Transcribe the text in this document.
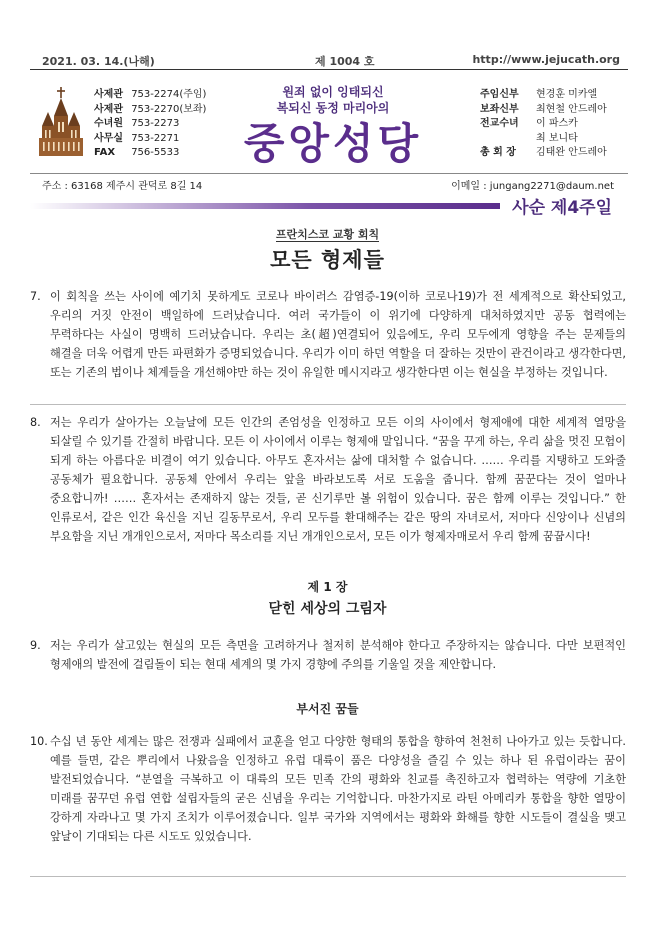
2021. 03. 14.(나해)	제 1004 호	http://www.jejucath.org
사제관 753-2274(주임)
사제관 753-2270(보좌)
수녀원 753-2273
사무실 753-2271
FAX 756-5533
원죄 없이 잉태되신
복되신 동정 마리아의
중앙성당
주임신부 현경훈 미카엘
보좌신부 최현철 안드레아
전교수녀 이 파스카
최 보니타
총 회 장 김태완 안드레아
주소 : 63168 제주시 관덕로 8길 14	이메일 : jungang2271@daum.net
사순 제4주일
프란치스코 교황 회칙
모든 형제들
7. 이 회칙을 쓰는 사이에 예기치 못하게도 코로나 바이러스 감염증-19(이하 코로나19)가 전 세계적으로 확산되었고, 우리의 거짓 안전이 백일하에 드러났습니다. 여러 국가들이 이 위기에 다양하게 대처하였지만 공동 협력에는 무력하다는 사실이 명백히 드러났습니다. 우리는 초(超)연결되어 있음에도, 우리 모두에게 영향을 주는 문제들의 해결을 더욱 어렵게 만든 파편화가 증명되었습니다. 우리가 이미 하던 역할을 더 잘하는 것만이 관건이라고 생각한다면, 또는 기존의 법이나 체계들을 개선해야만 하는 것이 유일한 메시지라고 생각한다면 이는 현실을 부정하는 것입니다.
8. 저는 우리가 살아가는 오늘날에 모든 인간의 존엄성을 인정하고 모든 이의 사이에서 형제애에 대한 세계적 열망을 되살릴 수 있기를 간절히 바랍니다. 모든 이 사이에서 이루는 형제애 말입니다. “꿈을 꾸게 하는, 우리 삶을 멋진 모험이 되게 하는 아름다운 비결이 여기 있습니다. 아무도 혼자서는 삶에 대처할 수 없습니다. …… 우리를 지탱하고 도와줄 공동체가 필요합니다. 공동체 안에서 우리는 앞을 바라보도록 서로 도움을 줍니다. 함께 꿈꾼다는 것이 얼마나 중요합니까! …… 혼자서는 존재하지 않는 것들, 곧 신기루만 볼 위험이 있습니다. 꿈은 함께 이루는 것입니다.” 한 인류로서, 같은 인간 육신을 지닌 길동무로서, 우리 모두를 환대해주는 같은 땅의 자녀로서, 저마다 신앙이나 신념의 부요함을 지닌 개개인으로서, 저마다 목소리를 지닌 개개인으로서, 모든 이가 형제자매로서 우리 함께 꿈꿉시다!
제 1 장
닫힌 세상의 그림자
9. 저는 우리가 살고있는 현실의 모든 측면을 고려하거나 철저히 분석해야 한다고 주장하지는 않습니다. 다만 보편적인 형제애의 발전에 걸림돌이 되는 현대 세계의 몇 가지 경향에 주의를 기울일 것을 제안합니다.
부서진 꿈들
10. 수십 년 동안 세계는 많은 전쟁과 실패에서 교훈을 얻고 다양한 형태의 통합을 향하여 천천히 나아가고 있는 듯합니다. 예를 들면, 같은 뿌리에서 나왔음을 인정하고 유럽 대륙이 품은 다양성을 즐길 수 있는 하나 된 유럽이라는 꿈이 발전되었습니다. “분열을 극복하고 이 대륙의 모든 민족 간의 평화와 친교를 촉진하고자 협력하는 역량에 기초한 미래를 꿈꾸던 유럽 연합 설립자들의 굳은 신념을 우리는 기억합니다. 마찬가지로 라틴 아메리카 통합을 향한 열망이 강하게 자라나고 몇 가지 조치가 이루어졌습니다. 일부 국가와 지역에서는 평화와 화해를 향한 시도들이 결실을 맺고 앞날이 기대되는 다른 시도도 있었습니다.
